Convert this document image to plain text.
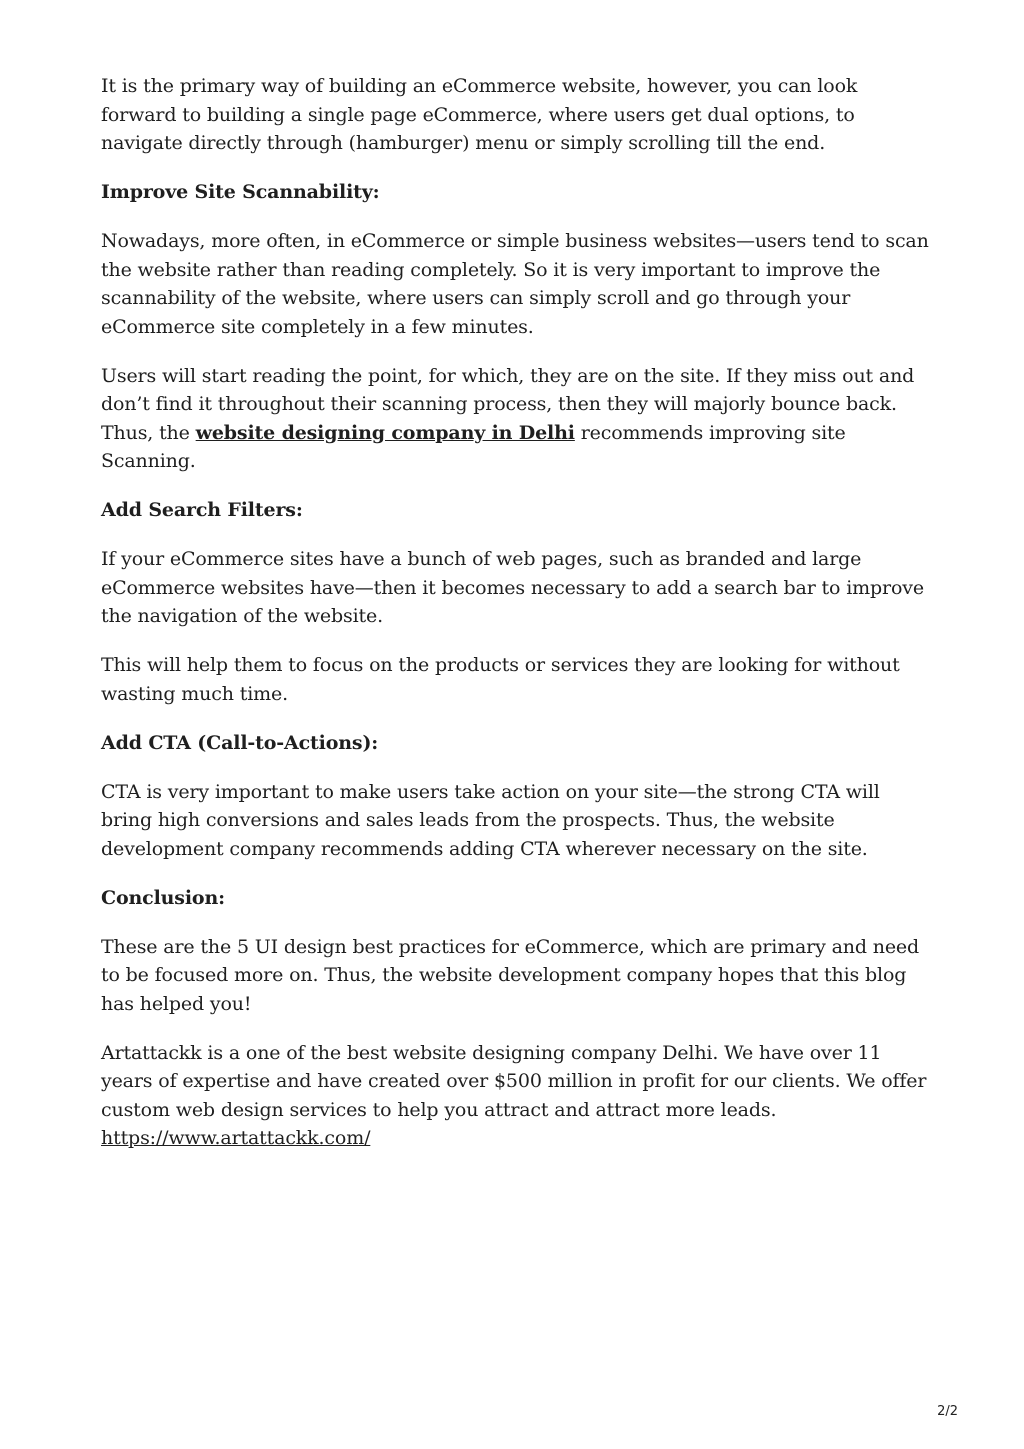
It is the primary way of building an eCommerce website, however, you can look forward to building a single page eCommerce, where users get dual options, to navigate directly through (hamburger) menu or simply scrolling till the end.

Improve Site Scannability:

Nowadays, more often, in eCommerce or simple business websites—users tend to scan the website rather than reading completely. So it is very important to improve the scannability of the website, where users can simply scroll and go through your eCommerce site completely in a few minutes.

Users will start reading the point, for which, they are on the site. If they miss out and don’t find it throughout their scanning process, then they will majorly bounce back. Thus, the website designing company in Delhi recommends improving site Scanning.

Add Search Filters:

If your eCommerce sites have a bunch of web pages, such as branded and large eCommerce websites have—then it becomes necessary to add a search bar to improve the navigation of the website.

This will help them to focus on the products or services they are looking for without wasting much time.

Add CTA (Call-to-Actions):

CTA is very important to make users take action on your site—the strong CTA will bring high conversions and sales leads from the prospects. Thus, the website development company recommends adding CTA wherever necessary on the site.

Conclusion:

These are the 5 UI design best practices for eCommerce, which are primary and need to be focused more on. Thus, the website development company hopes that this blog has helped you!

Artattackk is a one of the best website designing company Delhi. We have over 11 years of expertise and have created over $500 million in profit for our clients. We offer custom web design services to help you attract and attract more leads.
https://www.artattackk.com/

2/2
